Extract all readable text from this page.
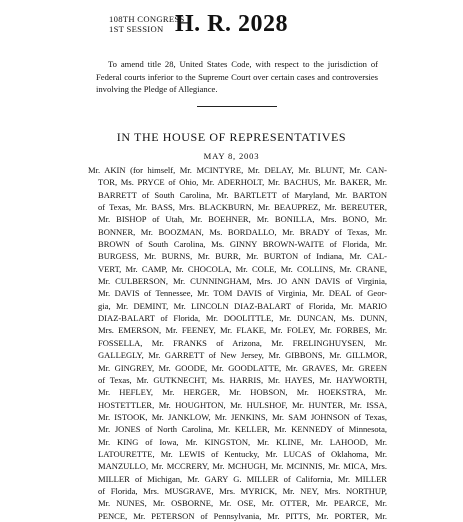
108TH CONGRESS
1ST SESSION H. R. 2028
To amend title 28, United States Code, with respect to the jurisdiction of Federal courts inferior to the Supreme Court over certain cases and controversies involving the Pledge of Allegiance.
IN THE HOUSE OF REPRESENTATIVES
MAY 8, 2003
Mr. AKIN (for himself, Mr. MCINTYRE, Mr. DELAY, Mr. BLUNT, Mr. CAN-
TOR, Ms. PRYCE of Ohio, Mr. ADERHOLT, Mr. BACHUS, Mr. BAKER, Mr.
BARRETT of South Carolina, Mr. BARTLETT of Maryland, Mr. BARTON
of Texas, Mr. BASS, Mrs. BLACKBURN, Mr. BEAUPREZ, Mr. BEREUTER,
Mr. BISHOP of Utah, Mr. BOEHNER, Mr. BONILLA, Mrs. BONO, Mr.
BONNER, Mr. BOOZMAN, Ms. BORDALLO, Mr. BRADY of Texas, Mr.
BROWN of South Carolina, Ms. GINNY BROWN-WAITE of Florida, Mr.
BURGESS, Mr. BURNS, Mr. BURR, Mr. BURTON of Indiana, Mr. CAL-
VERT, Mr. CAMP, Mr. CHOCOLA, Mr. COLE, Mr. COLLINS, Mr. CRANE,
Mr. CULBERSON, Mr. CUNNINGHAM, Mrs. JO ANN DAVIS of Virginia,
Mr. DAVIS of Tennessee, Mr. TOM DAVIS of Virginia, Mr. DEAL of Geor-
gia, Mr. DEMINT, Mr. LINCOLN DIAZ-BALART of Florida, Mr. MARIO
DIAZ-BALART of Florida, Mr. DOOLITTLE, Mr. DUNCAN, Ms. DUNN,
Mrs. EMERSON, Mr. FEENEY, Mr. FLAKE, Mr. FOLEY, Mr. FORBES, Mr.
FOSSELLA, Mr. FRANKS of Arizona, Mr. FRELINGHUYSEN, Mr.
GALLEGLY, Mr. GARRETT of New Jersey, Mr. GIBBONS, Mr. GILLMOR,
Mr. GINGREY, Mr. GOODE, Mr. GOODLATTE, Mr. GRAVES, Mr. GREEN
of Texas, Mr. GUTKNECHT, Ms. HARRIS, Mr. HAYES, Mr. HAYWORTH,
Mr. HEFLEY, Mr. HERGER, Mr. HOBSON, Mr. HOEKSTRA, Mr.
HOSTETTLER, Mr. HOUGHTON, Mr. HULSHOF, Mr. HUNTER, Mr. ISSA,
Mr. ISTOOK, Mr. JANKLOW, Mr. JENKINS, Mr. SAM JOHNSON of Texas,
Mr. JONES of North Carolina, Mr. KELLER, Mr. KENNEDY of Minnesota,
Mr. KING of Iowa, Mr. KINGSTON, Mr. KLINE, Mr. LAHOOD, Mr.
LATOURETTE, Mr. LEWIS of Kentucky, Mr. LUCAS of Oklahoma, Mr.
MANZULLO, Mr. MCCRERY, Mr. MCHUGH, Mr. MCINNIS, Mr. MICA, Mrs.
MILLER of Michigan, Mr. GARY G. MILLER of California, Mr. MILLER
of Florida, Mrs. MUSGRAVE, Mrs. MYRICK, Mr. NEY, Mrs. NORTHUP,
Mr. NUNES, Mr. OSBORNE, Mr. OSE, Mr. OTTER, Mr. PEARCE, Mr.
PENCE, Mr. PETERSON of Pennsylvania, Mr. PITTS, Mr. PORTER, Mr.
